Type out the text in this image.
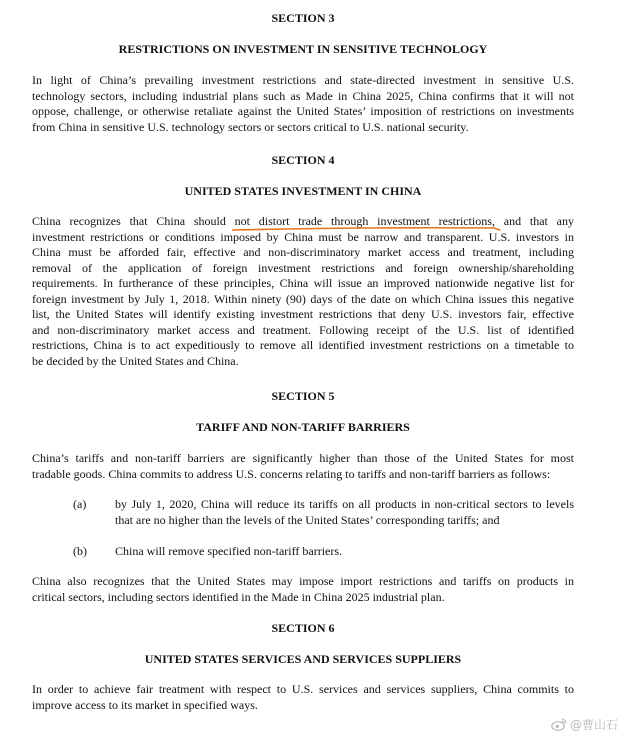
SECTION 3
RESTRICTIONS ON INVESTMENT IN SENSITIVE TECHNOLOGY
In light of China’s prevailing investment restrictions and state-directed investment in sensitive U.S.
technology sectors, including industrial plans such as Made in China 2025, China confirms that it will not
oppose, challenge, or otherwise retaliate against the United States’ imposition of restrictions on investments
from China in sensitive U.S. technology sectors or sectors critical to U.S. national security.
SECTION 4
UNITED STATES INVESTMENT IN CHINA
China recognizes that China should not distort trade through investment restrictions, and that any
investment restrictions or conditions imposed by China must be narrow and transparent. U.S. investors in
China must be afforded fair, effective and non-discriminatory market access and treatment, including
removal of the application of foreign investment restrictions and foreign ownership/shareholding
requirements. In furtherance of these principles, China will issue an improved nationwide negative list for
foreign investment by July 1, 2018. Within ninety (90) days of the date on which China issues this negative
list, the United States will identify existing investment restrictions that deny U.S. investors fair, effective
and non-discriminatory market access and treatment. Following receipt of the U.S. list of identified
restrictions, China is to act expeditiously to remove all identified investment restrictions on a timetable to
be decided by the United States and China.
SECTION 5
TARIFF AND NON-TARIFF BARRIERS
China’s tariffs and non-tariff barriers are significantly higher than those of the United States for most
tradable goods. China commits to address U.S. concerns relating to tariffs and non-tariff barriers as follows:
(a) by July 1, 2020, China will reduce its tariffs on all products in non-critical sectors to levels
that are no higher than the levels of the United States’ corresponding tariffs; and
(b) China will remove specified non-tariff barriers.
China also recognizes that the United States may impose import restrictions and tariffs on products in
critical sectors, including sectors identified in the Made in China 2025 industrial plan.
SECTION 6
UNITED STATES SERVICES AND SERVICES SUPPLIERS
In order to achieve fair treatment with respect to U.S. services and services suppliers, China commits to
improve access to its market in specified ways.
@曹山石
